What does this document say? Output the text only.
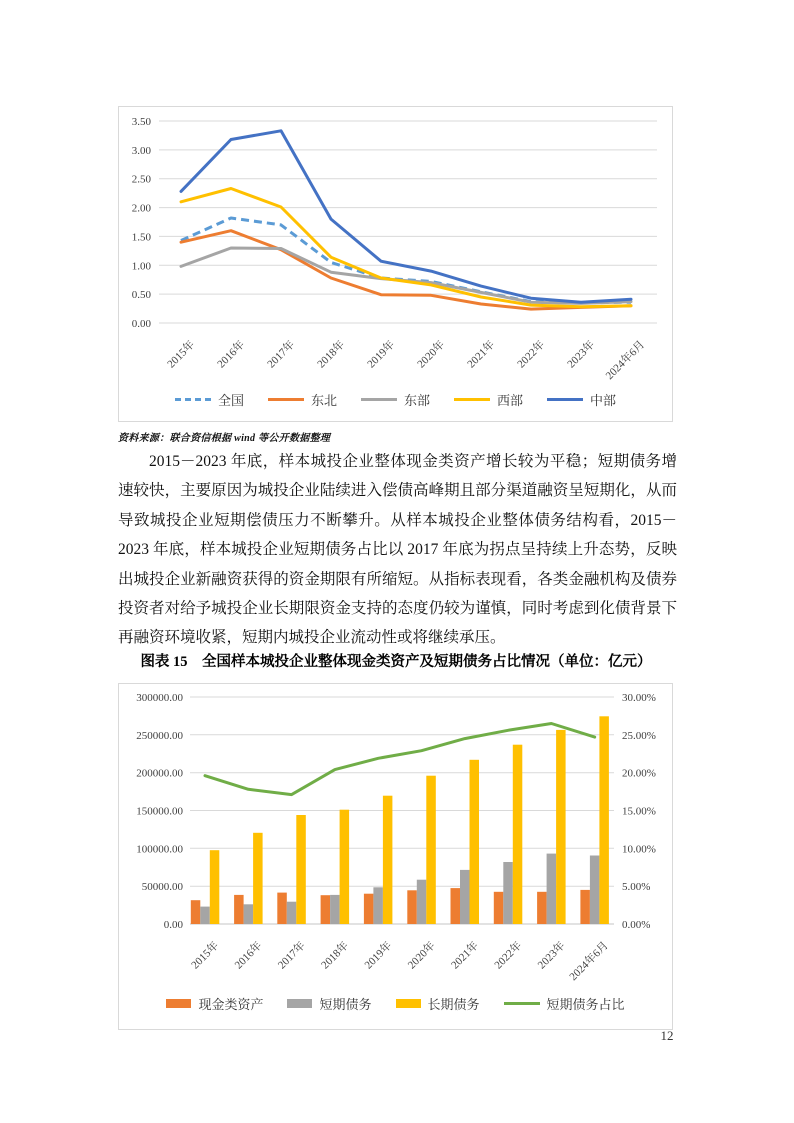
0.00
0.50
1.00
1.50
2.00
2.50
3.00
3.50
2015年 2016年 2017年 2018年 2019年 2020年 2021年 2022年 2023年 2024年6月
全国	东北	东部	西部	中部
资料来源：联合资信根据 wind 等公开数据整理
2015－2023 年底，样本城投企业整体现金类资产增长较为平稳；短期债务增速较快，主要原因为城投企业陆续进入偿债高峰期且部分渠道融资呈短期化，从而导致城投企业短期偿债压力不断攀升。从样本城投企业整体债务结构看，2015－2023 年底，样本城投企业短期债务占比以 2017 年底为拐点呈持续上升态势，反映出城投企业新融资获得的资金期限有所缩短。从指标表现看，各类金融机构及债券投资者对给予城投企业长期限资金支持的态度仍较为谨慎，同时考虑到化债背景下再融资环境收紧，短期内城投企业流动性或将继续承压。
图表 15　全国样本城投企业整体现金类资产及短期债务占比情况（单位：亿元）
0.00
50000.00
100000.00
150000.00
200000.00
250000.00
300000.00
0.00%
5.00%
10.00%
15.00%
20.00%
25.00%
30.00%
2015年 2016年 2017年 2018年 2019年 2020年 2021年 2022年 2023年 2024年6月
现金类资产	短期债务	长期债务	短期债务占比
12
